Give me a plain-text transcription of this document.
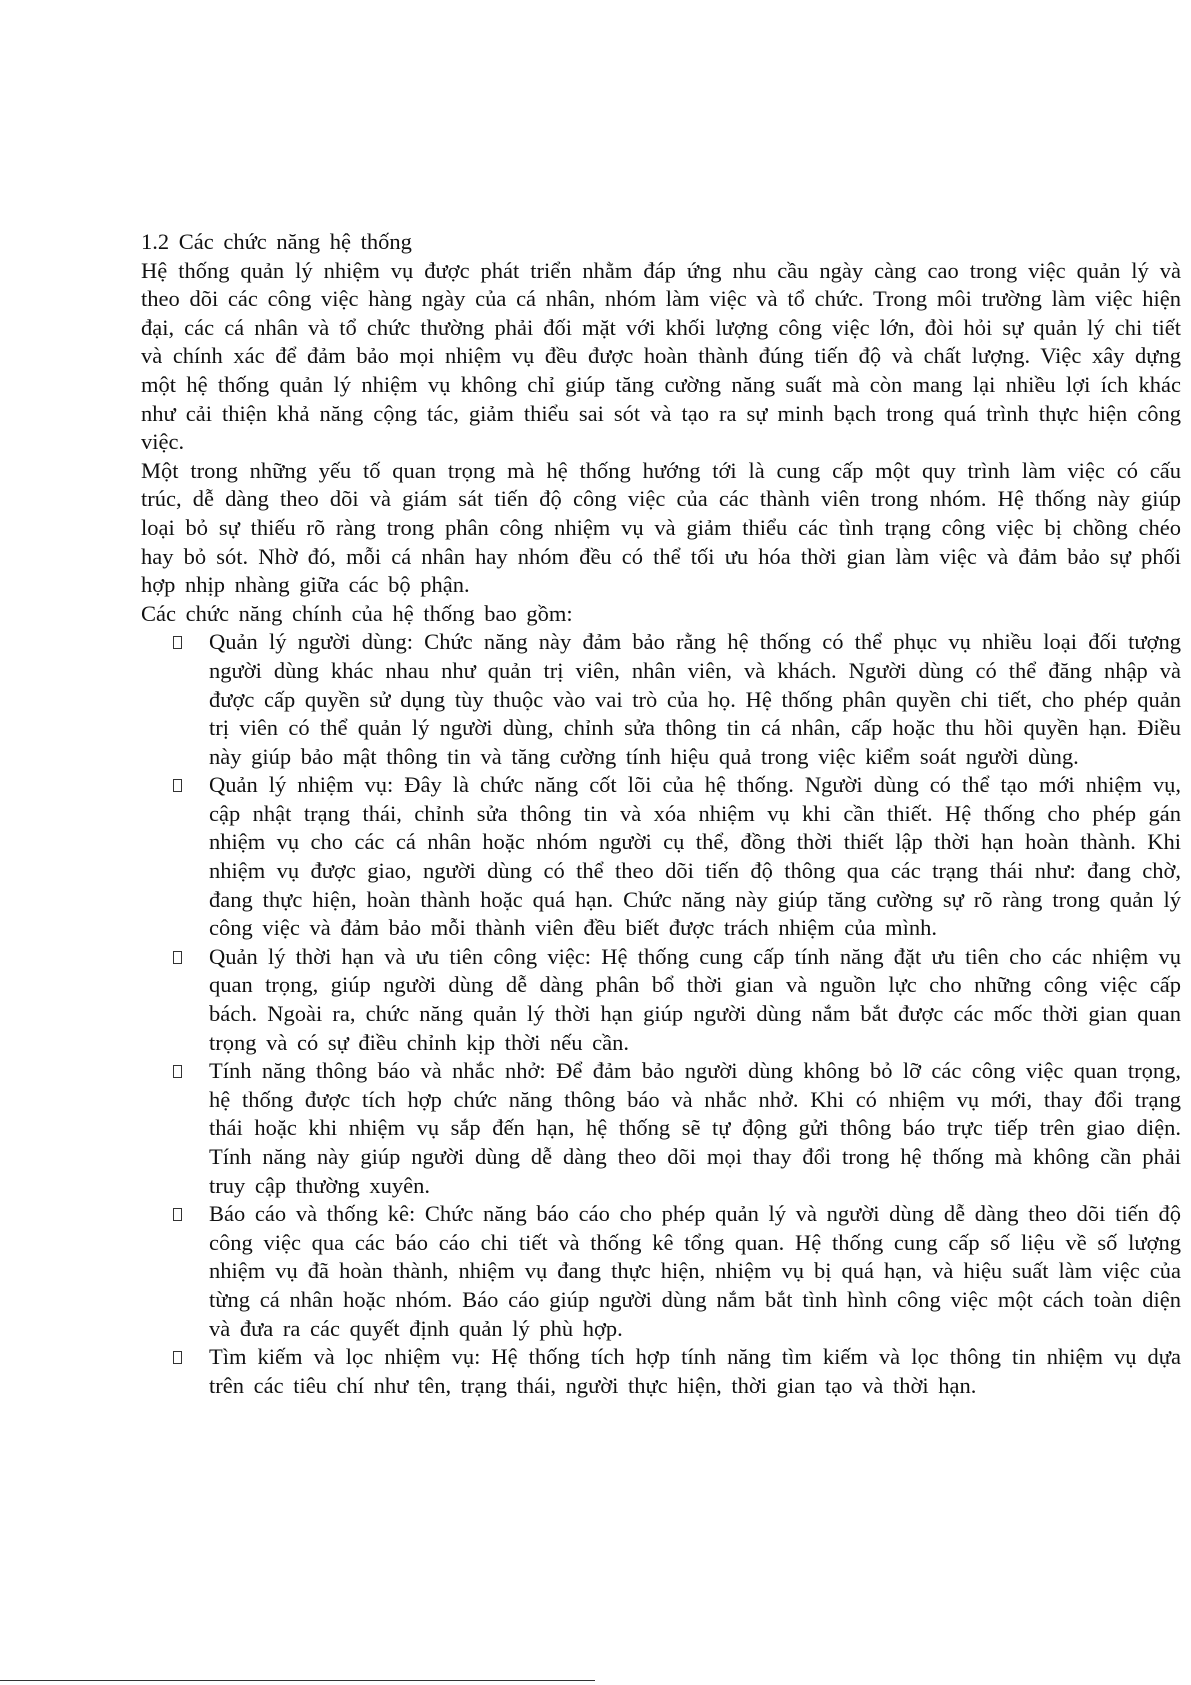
1.2 Các chức năng hệ thống

Hệ thống quản lý nhiệm vụ được phát triển nhằm đáp ứng nhu cầu ngày càng cao trong việc quản lý và theo dõi các công việc hàng ngày của cá nhân, nhóm làm việc và tổ chức. Trong môi trường làm việc hiện đại, các cá nhân và tổ chức thường phải đối mặt với khối lượng công việc lớn, đòi hỏi sự quản lý chi tiết và chính xác để đảm bảo mọi nhiệm vụ đều được hoàn thành đúng tiến độ và chất lượng. Việc xây dựng một hệ thống quản lý nhiệm vụ không chỉ giúp tăng cường năng suất mà còn mang lại nhiều lợi ích khác như cải thiện khả năng cộng tác, giảm thiểu sai sót và tạo ra sự minh bạch trong quá trình thực hiện công việc.

Một trong những yếu tố quan trọng mà hệ thống hướng tới là cung cấp một quy trình làm việc có cấu trúc, dễ dàng theo dõi và giám sát tiến độ công việc của các thành viên trong nhóm. Hệ thống này giúp loại bỏ sự thiếu rõ ràng trong phân công nhiệm vụ và giảm thiểu các tình trạng công việc bị chồng chéo hay bỏ sót. Nhờ đó, mỗi cá nhân hay nhóm đều có thể tối ưu hóa thời gian làm việc và đảm bảo sự phối hợp nhịp nhàng giữa các bộ phận.

Các chức năng chính của hệ thống bao gồm:

Quản lý người dùng: Chức năng này đảm bảo rằng hệ thống có thể phục vụ nhiều loại đối tượng người dùng khác nhau như quản trị viên, nhân viên, và khách. Người dùng có thể đăng nhập và được cấp quyền sử dụng tùy thuộc vào vai trò của họ. Hệ thống phân quyền chi tiết, cho phép quản trị viên có thể quản lý người dùng, chỉnh sửa thông tin cá nhân, cấp hoặc thu hồi quyền hạn. Điều này giúp bảo mật thông tin và tăng cường tính hiệu quả trong việc kiểm soát người dùng.
Quản lý nhiệm vụ: Đây là chức năng cốt lõi của hệ thống. Người dùng có thể tạo mới nhiệm vụ, cập nhật trạng thái, chỉnh sửa thông tin và xóa nhiệm vụ khi cần thiết. Hệ thống cho phép gán nhiệm vụ cho các cá nhân hoặc nhóm người cụ thể, đồng thời thiết lập thời hạn hoàn thành. Khi nhiệm vụ được giao, người dùng có thể theo dõi tiến độ thông qua các trạng thái như: đang chờ, đang thực hiện, hoàn thành hoặc quá hạn. Chức năng này giúp tăng cường sự rõ ràng trong quản lý công việc và đảm bảo mỗi thành viên đều biết được trách nhiệm của mình.
Quản lý thời hạn và ưu tiên công việc: Hệ thống cung cấp tính năng đặt ưu tiên cho các nhiệm vụ quan trọng, giúp người dùng dễ dàng phân bổ thời gian và nguồn lực cho những công việc cấp bách. Ngoài ra, chức năng quản lý thời hạn giúp người dùng nắm bắt được các mốc thời gian quan trọng và có sự điều chỉnh kịp thời nếu cần.
Tính năng thông báo và nhắc nhở: Để đảm bảo người dùng không bỏ lỡ các công việc quan trọng, hệ thống được tích hợp chức năng thông báo và nhắc nhở. Khi có nhiệm vụ mới, thay đổi trạng thái hoặc khi nhiệm vụ sắp đến hạn, hệ thống sẽ tự động gửi thông báo trực tiếp trên giao diện. Tính năng này giúp người dùng dễ dàng theo dõi mọi thay đổi trong hệ thống mà không cần phải truy cập thường xuyên.
Báo cáo và thống kê: Chức năng báo cáo cho phép quản lý và người dùng dễ dàng theo dõi tiến độ công việc qua các báo cáo chi tiết và thống kê tổng quan. Hệ thống cung cấp số liệu về số lượng nhiệm vụ đã hoàn thành, nhiệm vụ đang thực hiện, nhiệm vụ bị quá hạn, và hiệu suất làm việc của từng cá nhân hoặc nhóm. Báo cáo giúp người dùng nắm bắt tình hình công việc một cách toàn diện và đưa ra các quyết định quản lý phù hợp.
Tìm kiếm và lọc nhiệm vụ: Hệ thống tích hợp tính năng tìm kiếm và lọc thông tin nhiệm vụ dựa trên các tiêu chí như tên, trạng thái, người thực hiện, thời gian tạo và thời hạn.
